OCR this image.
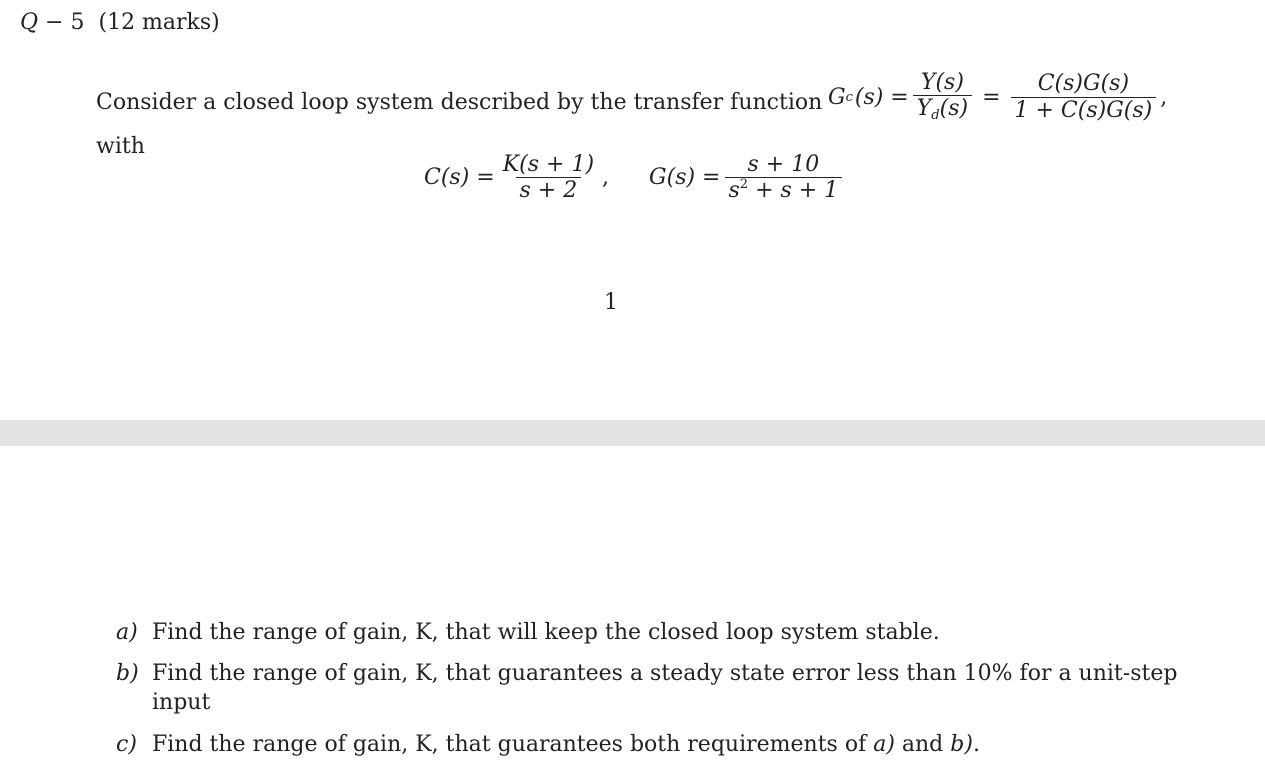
Q − 5 (12 marks)
Consider a closed loop system described by the transfer function G c $(s) = \frac{Y(s)}{Y_d(s)} = \frac{C(s)G(s)}{1 + C(s)G(s)}$ ,
with
$C(s) = \frac{K(s + 1)}{s + 2}$ , $G(s) = \frac{s + 10}{s^2 + s + 1}$
1
a) Find the range of gain, K, that will keep the closed loop system stable.
b) Find the range of gain, K, that guarantees a steady state error less than 10% for a unit-step
input
c) Find the range of gain, K, that guarantees both requirements of a) and b).
